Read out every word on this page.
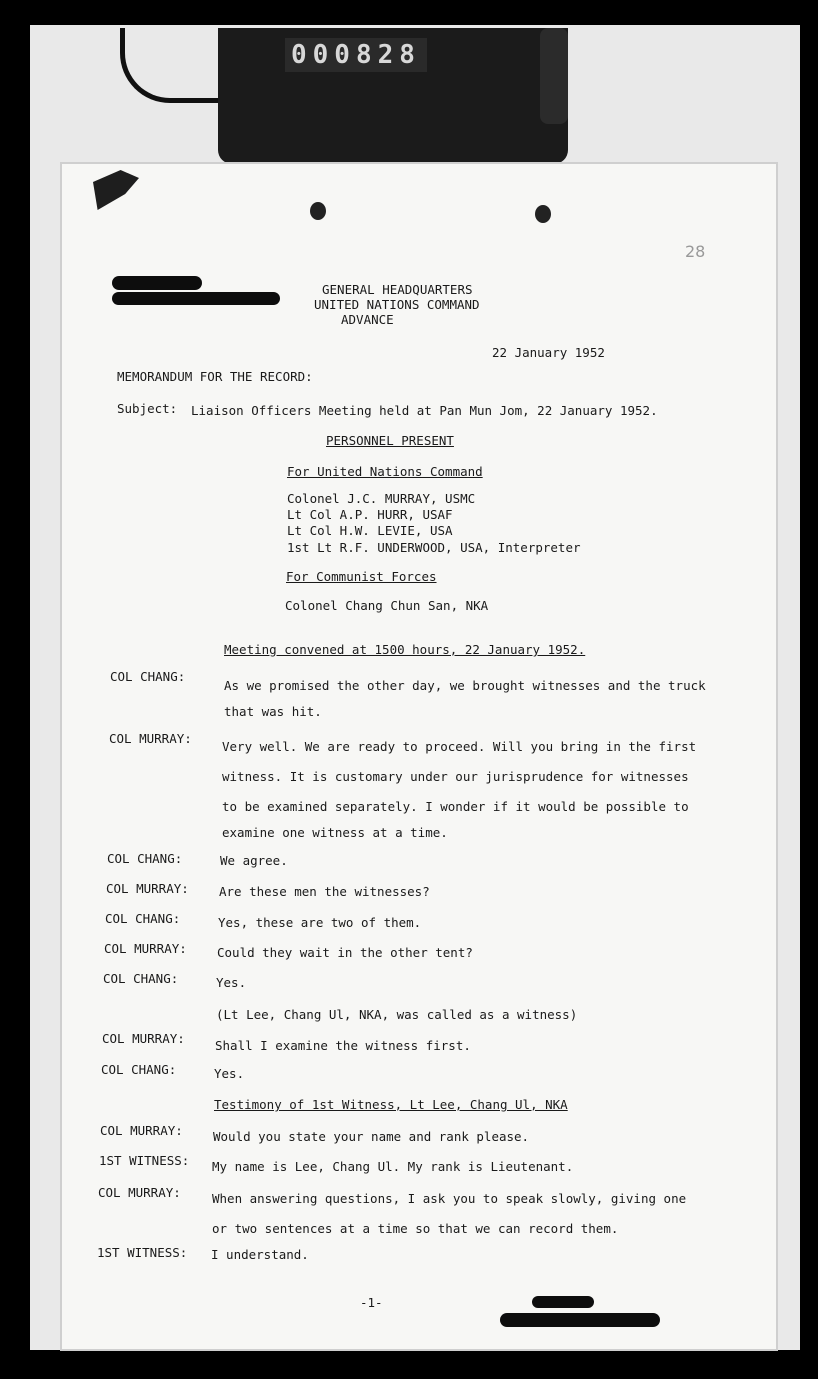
000828
28
GENERAL HEADQUARTERS
UNITED NATIONS COMMAND
ADVANCE
22 January 1952
MEMORANDUM FOR THE RECORD:
Subject: Liaison Officers Meeting held at Pan Mun Jom, 22 January 1952.
PERSONNEL PRESENT
For United Nations Command
Colonel J.C. MURRAY, USMC
Lt Col A.P. HURR, USAF
Lt Col H.W. LEVIE, USA
1st Lt R.F. UNDERWOOD, USA, Interpreter
For Communist Forces
Colonel Chang Chun San, NKA
Meeting convened at 1500 hours, 22 January 1952.
COL CHANG:
As we promised the other day, we brought witnesses and the truck
that was hit.
COL MURRAY:
Very well. We are ready to proceed. Will you bring in the first
witness. It is customary under our jurisprudence for witnesses
to be examined separately. I wonder if it would be possible to
examine one witness at a time.
COL CHANG:	We agree.
COL MURRAY: Are these men the witnesses?
COL CHANG:	Yes, these are two of them.
COL MURRAY: Could they wait in the other tent?
COL CHANG:	Yes.
(Lt Lee, Chang Ul, NKA, was called as a witness)
COL MURRAY: Shall I examine the witness first.
COL CHANG:	Yes.
Testimony of 1st Witness, Lt Lee, Chang Ul, NKA
COL MURRAY: Would you state your name and rank please.
1ST WITNESS: My name is Lee, Chang Ul. My rank is Lieutenant.
COL MURRAY: When answering questions, I ask you to speak slowly, giving one
or two sentences at a time so that we can record them.
1ST WITNESS: I understand.
-1-
